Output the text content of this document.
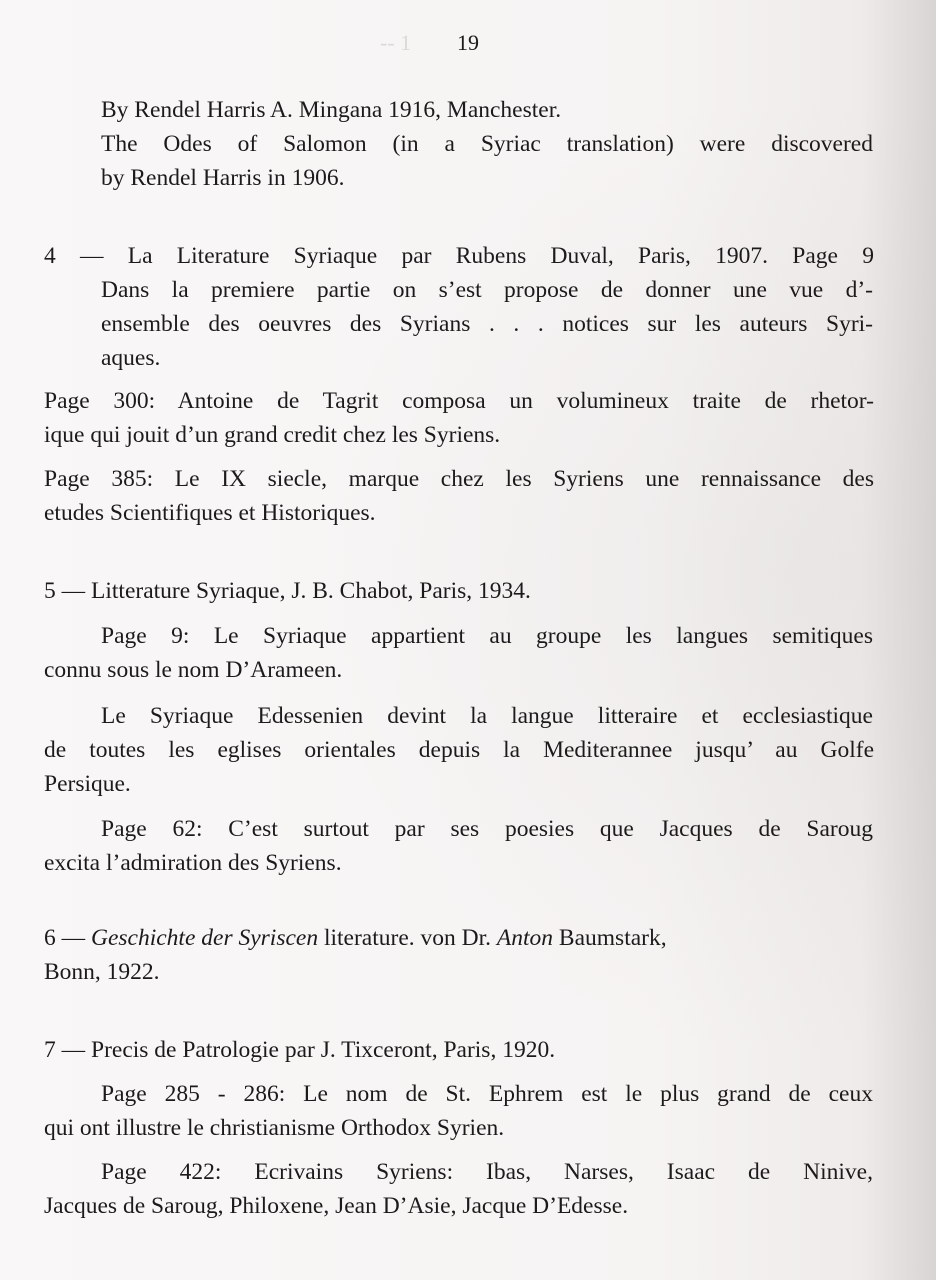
-- 1	19
By Rendel Harris A. Mingana 1916, Manchester.
The Odes of Salomon (in a Syriac translation) were discovered
by Rendel Harris in 1906.
4 — La Literature Syriaque par Rubens Duval, Paris, 1907. Page 9
Dans la premiere partie on s’est propose de donner une vue d’-
ensemble des oeuvres des Syrians . . . notices sur les auteurs Syri-
aques.
Page 300: Antoine de Tagrit composa un volumineux traite de rhetor-
ique qui jouit d’un grand credit chez les Syriens.
Page 385: Le IX siecle, marque chez les Syriens une rennaissance des
etudes Scientifiques et Historiques.
5 — Litterature Syriaque, J. B. Chabot, Paris, 1934.
Page 9: Le Syriaque appartient au groupe les langues semitiques
connu sous le nom D’Arameen.
Le Syriaque Edessenien devint la langue litteraire et ecclesiastique
de toutes les eglises orientales depuis la Mediterannee jusqu’ au Golfe
Persique.
Page 62: C’est surtout par ses poesies que Jacques de Saroug
excita l’admiration des Syriens.
6 — Geschichte der Syriscen literature. von Dr. Anton Baumstark,
Bonn, 1922.
7 — Precis de Patrologie par J. Tixceront, Paris, 1920.
Page 285 - 286: Le nom de St. Ephrem est le plus grand de ceux
qui ont illustre le christianisme Orthodox Syrien.
Page 422: Ecrivains Syriens: Ibas, Narses, Isaac de Ninive,
Jacques de Saroug, Philoxene, Jean D’Asie, Jacque D’Edesse.
